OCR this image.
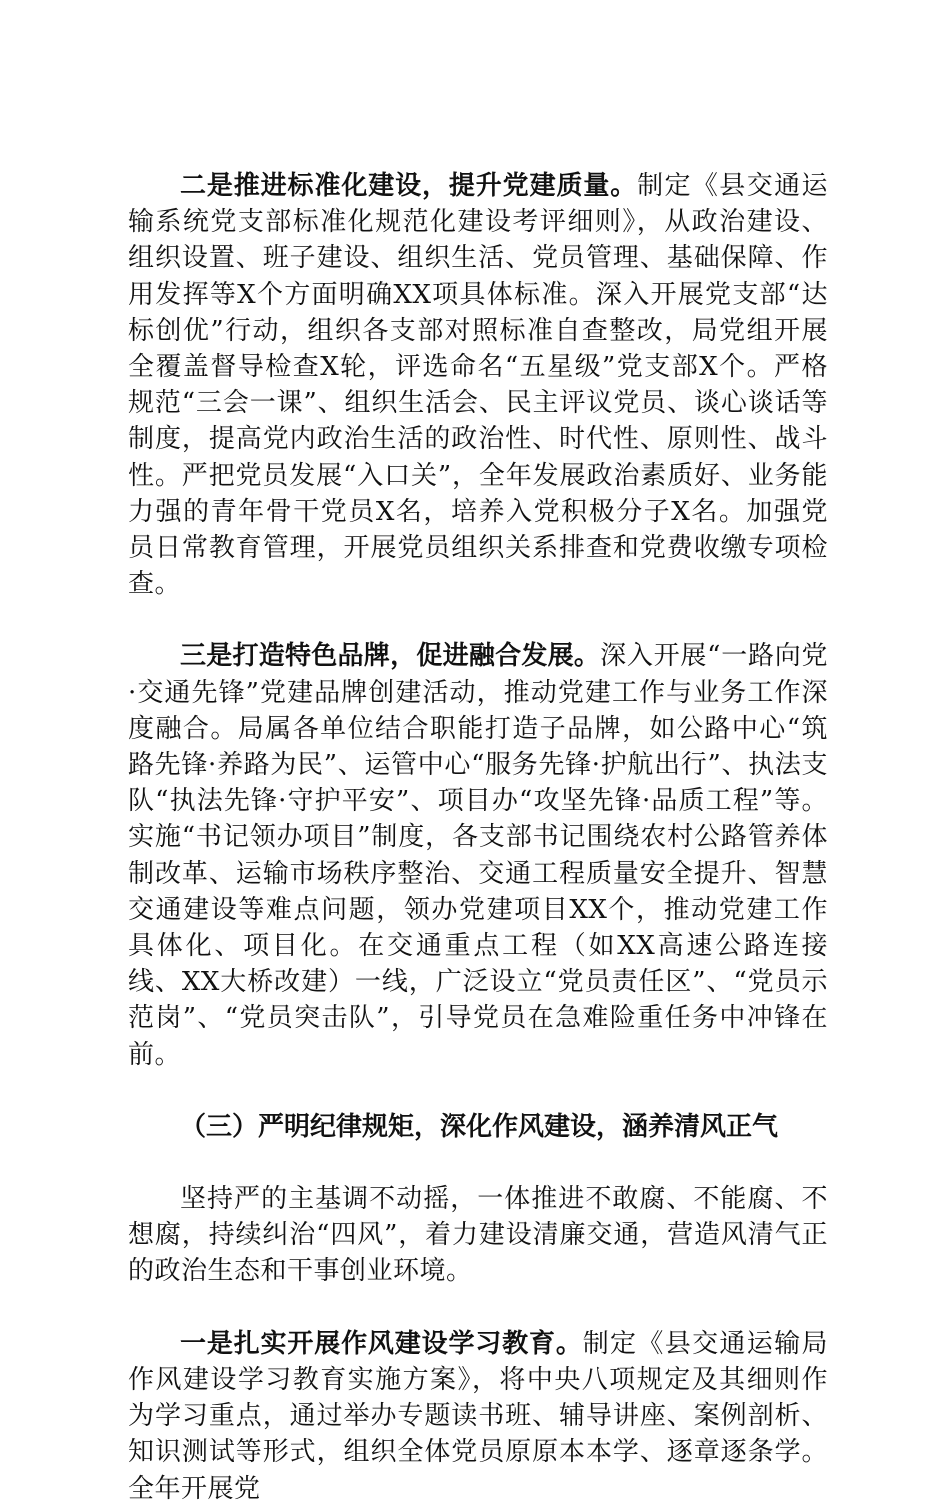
二是推进标准化建设，提升党建质量。制定《县交通运输系统党支部标准化规范化建设考评细则》，从政治建设、组织设置、班子建设、组织生活、党员管理、基础保障、作用发挥等X个方面明确XX项具体标准。深入开展党支部“达标创优”行动，组织各支部对照标准自查整改，局党组开展全覆盖督导检查X轮，评选命名“五星级”党支部X个。严格规范“三会一课”、组织生活会、民主评议党员、谈心谈话等制度，提高党内政治生活的政治性、时代性、原则性、战斗性。严把党员发展“入口关”，全年发展政治素质好、业务能力强的青年骨干党员X名，培养入党积极分子X名。加强党员日常教育管理，开展党员组织关系排查和党费收缴专项检查。

三是打造特色品牌，促进融合发展。深入开展“一路向党·交通先锋”党建品牌创建活动，推动党建工作与业务工作深度融合。局属各单位结合职能打造子品牌，如公路中心“筑路先锋·养路为民”、运管中心“服务先锋·护航出行”、执法支队“执法先锋·守护平安”、项目办“攻坚先锋·品质工程”等。实施“书记领办项目”制度，各支部书记围绕农村公路管养体制改革、运输市场秩序整治、交通工程质量安全提升、智慧交通建设等难点问题，领办党建项目XX个，推动党建工作具体化、项目化。在交通重点工程（如XX高速公路连接线、XX大桥改建）一线，广泛设立“党员责任区”、“党员示范岗”、“党员突击队”，引导党员在急难险重任务中冲锋在前。

（三）严明纪律规矩，深化作风建设，涵养清风正气

坚持严的主基调不动摇，一体推进不敢腐、不能腐、不想腐，持续纠治“四风”，着力建设清廉交通，营造风清气正的政治生态和干事创业环境。

一是扎实开展作风建设学习教育。制定《县交通运输局作风建设学习教育实施方案》，将中央八项规定及其细则作为学习重点，通过举办专题读书班、辅导讲座、案例剖析、知识测试等形式，组织全体党员原原本本学、逐章逐条学。全年开展党
